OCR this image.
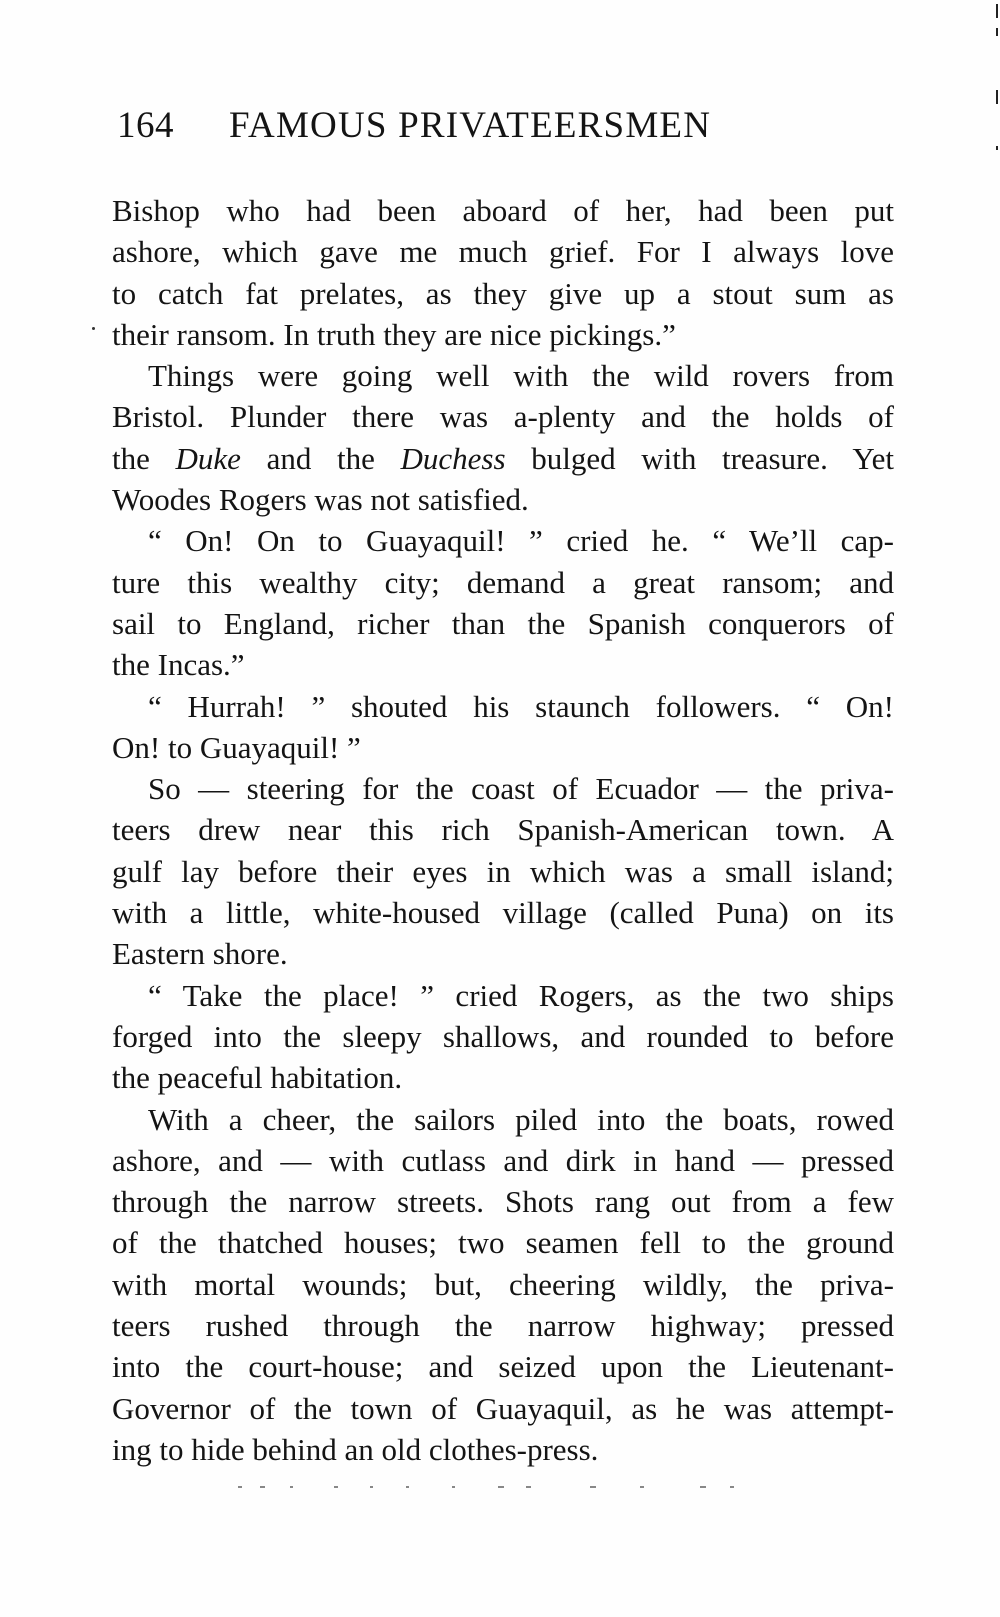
164 FAMOUS PRIVATEERSMEN
Bishop who had been aboard of her, had been put
ashore, which gave me much grief. For I always love
to catch fat prelates, as they give up a stout sum as
their ransom. In truth they are nice pickings.”
Things were going well with the wild rovers from
Bristol. Plunder there was a-plenty and the holds of
the Duke and the Duchess bulged with treasure. Yet
Woodes Rogers was not satisfied.
“ On! On to Guayaquil! ” cried he. “ We’ll cap-
ture this wealthy city; demand a great ransom; and
sail to England, richer than the Spanish conquerors of
the Incas.”
“ Hurrah! ” shouted his staunch followers. “ On!
On! to Guayaquil! ”
So — steering for the coast of Ecuador — the priva-
teers drew near this rich Spanish-American town. A
gulf lay before their eyes in which was a small island;
with a little, white-housed village (called Puna) on its
Eastern shore.
“ Take the place! ” cried Rogers, as the two ships
forged into the sleepy shallows, and rounded to before
the peaceful habitation.
With a cheer, the sailors piled into the boats, rowed
ashore, and — with cutlass and dirk in hand — pressed
through the narrow streets. Shots rang out from a few
of the thatched houses; two seamen fell to the ground
with mortal wounds; but, cheering wildly, the priva-
teers rushed through the narrow highway; pressed
into the court-house; and seized upon the Lieutenant-
Governor of the town of Guayaquil, as he was attempt-
ing to hide behind an old clothes-press.
